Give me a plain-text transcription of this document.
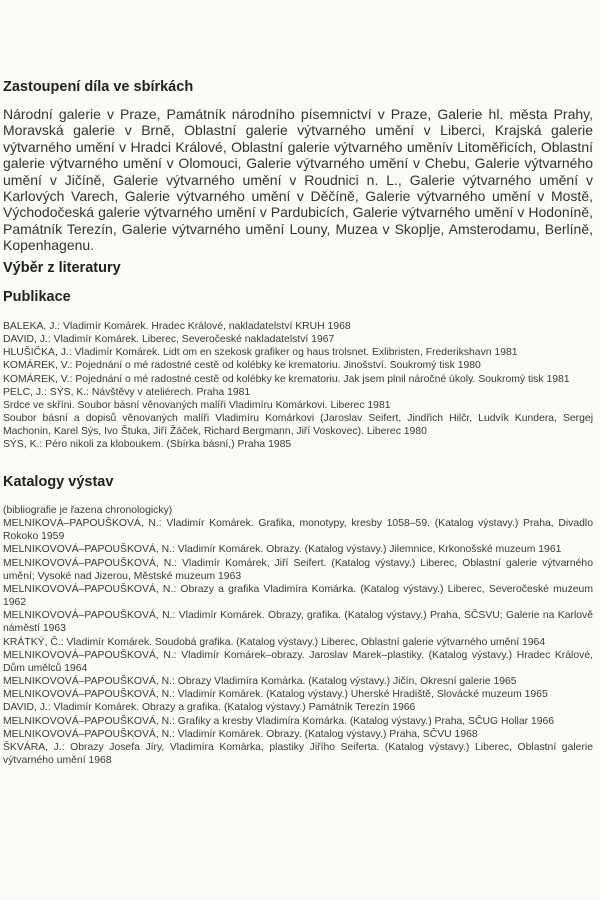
Zastoupení díla ve sbírkách
Národní galerie v Praze, Památník národního písemnictví v Praze, Galerie hl. města Prahy, Moravská galerie v Brně, Oblastní galerie výtvarného umění v Liberci, Krajská galerie výtvarného umění v Hradci Králové, Oblastní galerie výtvarného uměnív Litoměřicích, Oblastní galerie výtvarného umění v Olomouci, Galerie výtvarného umění v Chebu, Galerie výtvarného umění v Jičíně, Galerie výtvarného umění v Roudnici n. L., Galerie výtvarného umění v Karlových Varech, Galerie výtvarného umění v Děčíně, Galerie výtvarného umění v Mostě, Východočeská galerie výtvarného umění v Pardubicích, Galerie výtvarného umění v Hodoníně, Památník Terezín, Galerie výtvarného umění Louny, Muzea v Skoplje, Amsterodamu, Berlíně, Kopenhagenu.
Výběr z literatury
Publikace
BALEKA, J.: Vladimír Komárek. Hradec Králové, nakladatelství KRUH 1968
DAVID, J.: Vladimír Komárek. Liberec, Severočeské nakladatelství 1967
HLUŠIČKA, J.: Vladimír Komárek. Lidt om en szekosk grafiker og haus trolsnet. Exlibristen, Frederikshavn 1981
KOMÁREK, V.: Pojednání o mé radostné cestě od kolébky ke krematoriu. Jinošství. Soukromý tisk 1980
KOMÁREK, V.: Pojednání o mé radostné cestě od kolébky ke krematoriu. Jak jsem plnil náročné úkoly. Soukromý tisk 1981
PELC, J.: SÝS, K.: Návštěvy v ateliérech. Praha 1981
Srdce ve skříni. Soubor básní věnovaných malíři Vladimíru Komárkovi. Liberec 1981
Soubor básní a dopisů věnovaných malíři Vladimíru Komárkovi (Jaroslav Seifert, Jindřich Hilčr, Ludvík Kundera, Sergej Machonin, Karel Sýs, Ivo Štuka, Jiří Žáček, Richard Bergmann, Jiří Voskovec). Liberec 1980
SÝS, K.: Péro nikoli za kloboukem. (Sbírka básní,) Praha 1985
Katalogy výstav
(bibliografie je řazena chronologicky)
MELNIKOVÁ–PAPOUŠKOVÁ, N.: Vladimír Komárek. Grafika, monotypy, kresby 1058–59. (Katalog výstavy.) Praha, Divadlo Rokoko 1959
MELNIKOVOVÁ–PAPOUŠKOVÁ, N.: Vladimír Komárek. Obrazy. (Katalog výstavy.) Jilemnice, Krkonošské muzeum 1961
MELNIKOVOVÁ–PAPOUŠKOVÁ, N.: Vladimír Komárek, Jiří Seifert. (Katalog výstavy.) Liberec, Oblastní galerie výtvarného umění; Vysoké nad Jizerou, Městské muzeum 1963
MELNIKOVOVÁ–PAPOUŠKOVÁ, N.: Obrazy a grafika Vladimíra Komárka. (Katalog výstavy.) Liberec, Severočeské muzeum 1962
MELNIKOVOVÁ–PAPOUŠKOVÁ, N.: Vladimír Komárek. Obrazy, grafika. (Katalog výstavy.) Praha, SČSVU; Galerie na Karlově náměstí 1963
KRÁTKÝ, Č.: Vladimír Komárek. Soudobá grafika. (Katalog výstavy.) Liberec, Oblastní galerie výtvarného umění 1964
MELNIKOVOVÁ–PAPOUŠKOVÁ, N.: Vladimír Komárek–obrazy. Jaroslav Marek–plastiky. (Katalog výstavy.) Hradec Králové, Dům umělců 1964
MELNIKOVOVÁ–PAPOUŠKOVÁ, N.: Obrazy Vladimíra Komárka. (Katalog výstavy.) Jičín, Okresní galerie 1965
MELNIKOVOVÁ–PAPOUŠKOVÁ, N.: Vladimír Komárek. (Katalog výstavy.) Uherské Hradiště, Slovácké muzeum 1965
DAVID, J.: Vladimír Komárek. Obrazy a grafika. (Katalog výstavy.) Památník Terezín 1966
MELNIKOVOVÁ–PAPOUŠKOVÁ, N.: Grafiky a kresby Vladimíra Komárka. (Katalog výstavy.) Praha, SČUG Hollar 1966
MELNIKOVOVÁ–PAPOUŠKOVÁ, N.: Vladimír Komárek. Obrazy. (Katalog výstavy.) Praha, SČVU 1968
ŠKVÁRA, J.: Obrazy Josefa Jíry, Vladimíra Komárka, plastiky Jiřího Seiferta. (Katalog výstavy.) Liberec, Oblastní galerie výtvarného umění 1968
